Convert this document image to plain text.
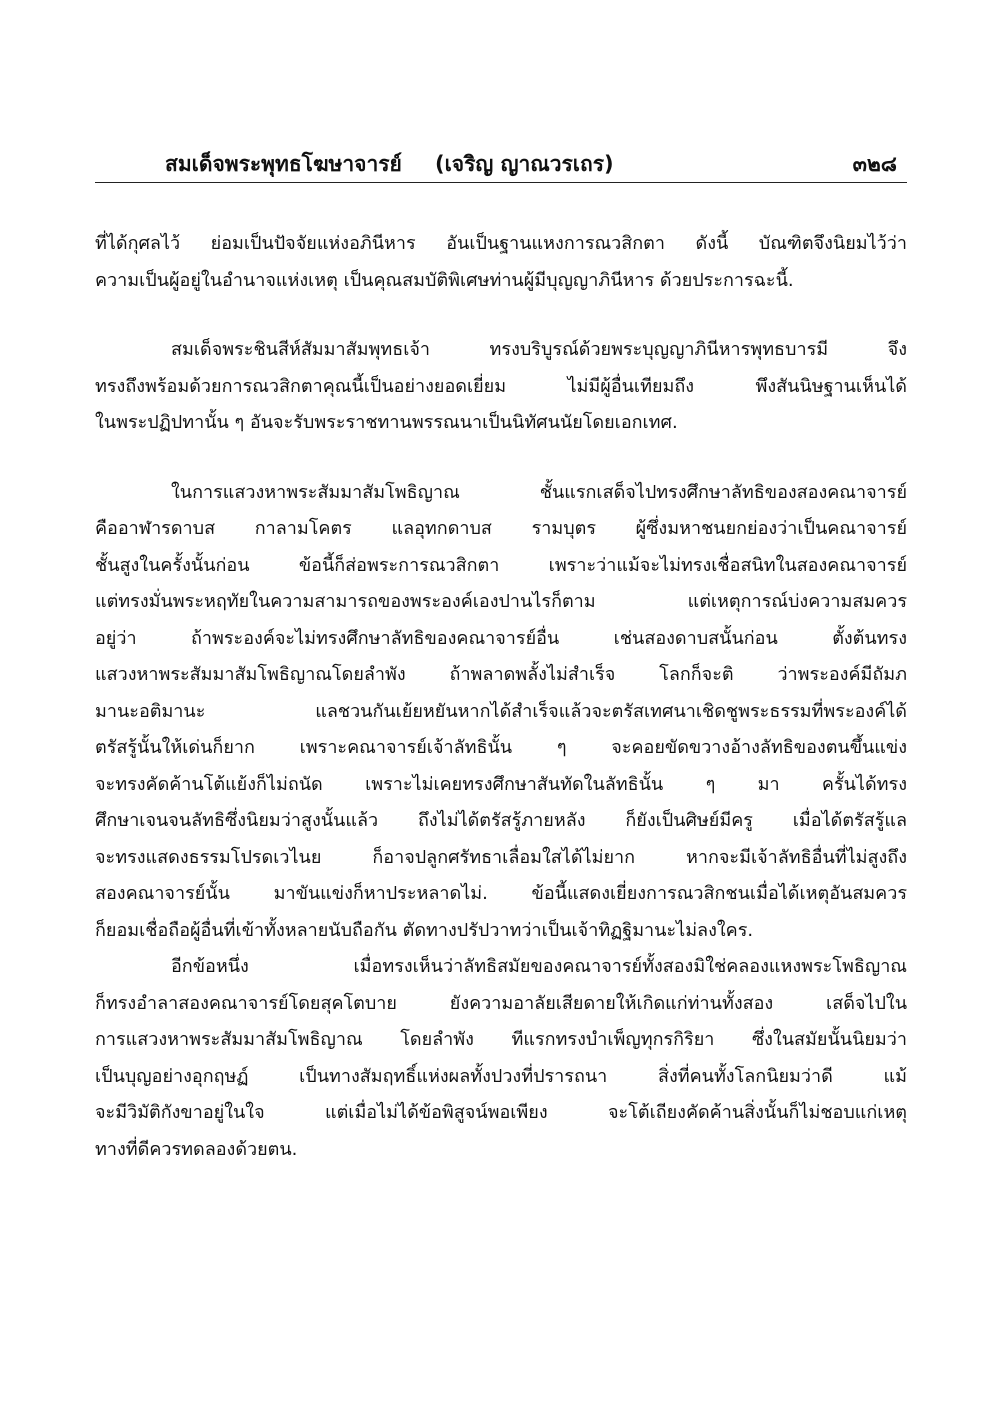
สมเด็จพระพุทธโฆษาจารย์ (เจริญ ญาณวรเถร)	๓๒๘

ที่ได้กุศลไว้ ย่อมเป็นปัจจัยแห่งอภินีหาร อันเป็นฐานแหงการณวสิกตา ดังนี้ บัณฑิตจึงนิยมไว้ว่า
ความเป็นผู้อยู่ในอำนาจแห่งเหตุ เป็นคุณสมบัติพิเศษท่านผู้มีบุญญาภินีหาร ด้วยประการฉะนี้.

สมเด็จพระชินสีห์สัมมาสัมพุทธเจ้า ทรงบริบูรณ์ด้วยพระบุญญาภินีหารพุทธบารมี จึง
ทรงถึงพร้อมด้วยการณวสิกตาคุณนี้เป็นอย่างยอดเยี่ยม ไม่มีผู้อื่นเทียมถึง พึงสันนิษฐานเห็นได้
ในพระปฏิปทานั้น ๆ อันจะรับพระราชทานพรรณนาเป็นนิทัศนนัยโดยเอกเทศ.

ในการแสวงหาพระสัมมาสัมโพธิญาณ ชั้นแรกเสด็จไปทรงศึกษาลัทธิของสองคณาจารย์
คืออาฬารดาบส กาลามโคตร แลอุทกดาบส รามบุตร ผู้ซึ่งมหาชนยกย่องว่าเป็นคณาจารย์
ชั้นสูงในครั้งนั้นก่อน ข้อนี้ก็ส่อพระการณวสิกตา เพราะว่าแม้จะไม่ทรงเชื่อสนิทในสองคณาจารย์
แต่ทรงมั่นพระหฤทัยในความสามารถของพระองค์เองปานไรก็ตาม แต่เหตุการณ์บ่งความสมควร
อยู่ว่า ถ้าพระองค์จะไม่ทรงศึกษาลัทธิของคณาจารย์อื่น เช่นสองดาบสนั้นก่อน ตั้งต้นทรง
แสวงหาพระสัมมาสัมโพธิญาณโดยลำพัง ถ้าพลาดพลั้งไม่สำเร็จ โลกก็จะติ ว่าพระองค์มีถัมภ
มานะอติมานะ แลชวนกันเย้ยหยันหากได้สำเร็จแล้วจะตรัสเทศนาเชิดชูพระธรรมที่พระองค์ได้
ตรัสรู้นั้นให้เด่นก็ยาก เพราะคณาจารย์เจ้าลัทธินั้น ๆ จะคอยขัดขวางอ้างลัทธิของตนขึ้นแข่ง
จะทรงคัดค้านโต้แย้งก็ไม่ถนัด เพราะไม่เคยทรงศึกษาสันทัดในลัทธินั้น ๆ มา ครั้นได้ทรง
ศึกษาเจนจนลัทธิซึ่งนิยมว่าสูงนั้นแล้ว ถึงไม่ได้ตรัสรู้ภายหลัง ก็ยังเป็นศิษย์มีครู เมื่อได้ตรัสรู้แล
จะทรงแสดงธรรมโปรดเวไนย ก็อาจปลูกศรัทธาเลื่อมใสได้ไม่ยาก หากจะมีเจ้าลัทธิอื่นที่ไม่สูงถึง
สองคณาจารย์นั้น มาขันแข่งก็หาประหลาดไม่. ข้อนี้แสดงเยี่ยงการณวสิกชนเมื่อได้เหตุอันสมควร
ก็ยอมเชื่อถือผู้อื่นที่เข้าทั้งหลายนับถือกัน ตัดทางปรัปวาทว่าเป็นเจ้าทิฏฐิมานะไม่ลงใคร.

อีกข้อหนึ่ง เมื่อทรงเห็นว่าลัทธิสมัยของคณาจารย์ทั้งสองมิใช่คลองแหงพระโพธิญาณ
ก็ทรงอำลาสองคณาจารย์โดยสุคโตบาย ยังความอาลัยเสียดายให้เกิดแก่ท่านทั้งสอง เสด็จไปใน
การแสวงหาพระสัมมาสัมโพธิญาณ โดยลำพัง ทีแรกทรงบำเพ็ญทุกรกิริยา ซึ่งในสมัยนั้นนิยมว่า
เป็นบุญอย่างอุกฤษฏ์ เป็นทางสัมฤทธิ์แห่งผลทั้งปวงที่ปรารถนา สิ่งที่คนทั้งโลกนิยมว่าดี แม้
จะมีวิมัติกังขาอยู่ในใจ แต่เมื่อไม่ได้ข้อพิสูจน์พอเพียง จะโต้เถียงคัดค้านสิ่งนั้นก็ไม่ชอบแก่เหตุ
ทางที่ดีควรทดลองด้วยตน.
